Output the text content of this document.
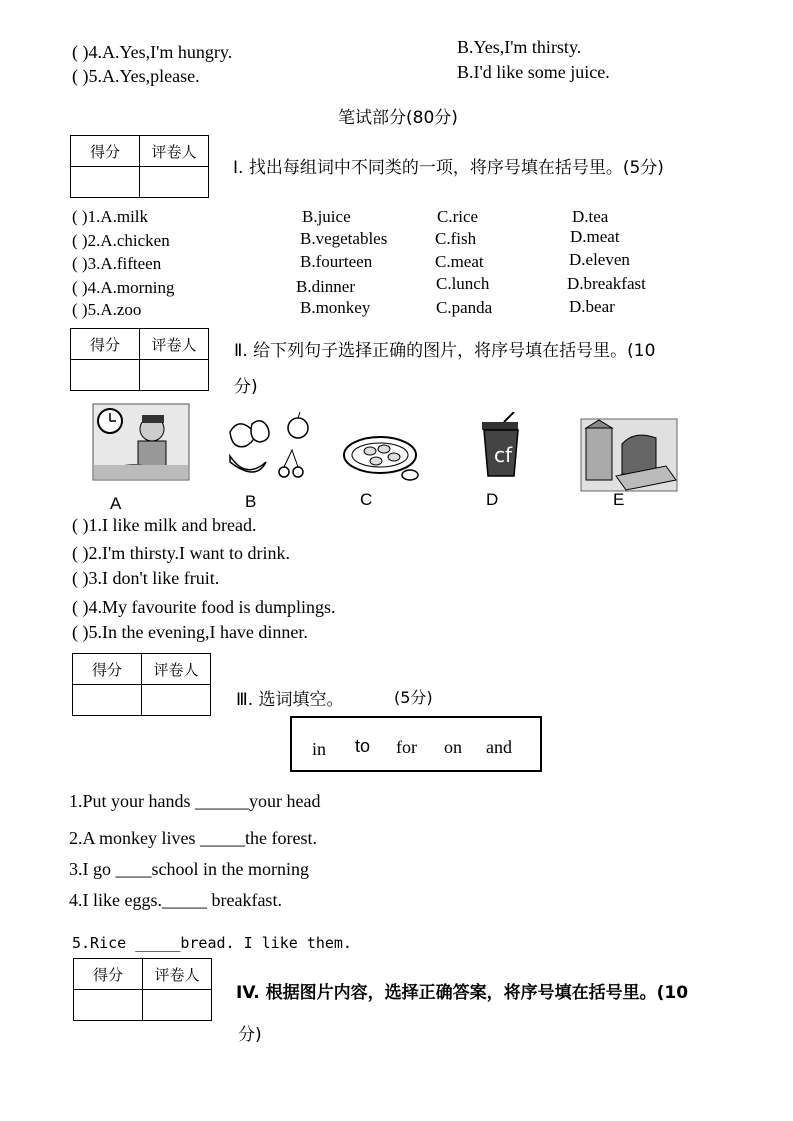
( )4.A.Yes,I'm hungry.	B.Yes,I'm thirsty.
( )5.A.Yes,please.	B.I'd like some juice.
笔试部分(80分)
得分	评卷人

I. 找出每组词中不同类的一项，将序号填在括号里。(5分)
( )1.A.milk	B.juice	C.rice	D.tea
( )2.A.chicken	B.vegetables	C.fish	D.meat
( )3.A.fifteen	B.fourteen	C.meat	D.eleven
( )4.A.morning	B.dinner	C.lunch	D.breakfast
( )5.A.zoo	B.monkey	C.panda	D.bear
得分	评卷人
	Ⅱ. 给下列句子选择正确的图片，将序号填在括号里。(10
分)
cf
A	B	C	D	E
( )1.I like milk and bread.
( )2.I'm thirsty.I want to drink.
( )3.I don't like fruit.
( )4.My favourite food is dumplings.
( )5.In the evening,I have dinner.
得分	评卷人

Ⅲ. 选词填空。	(5分)
in to for on and
1.Put your hands ______your head
2.A monkey lives _____the forest.
3.I go ____school in the morning
4.I like eggs._____ breakfast.
5.Rice _____bread. I like them.
得分	评卷人

IV. 根据图片内容，选择正确答案，将序号填在括号里。(10
分)
